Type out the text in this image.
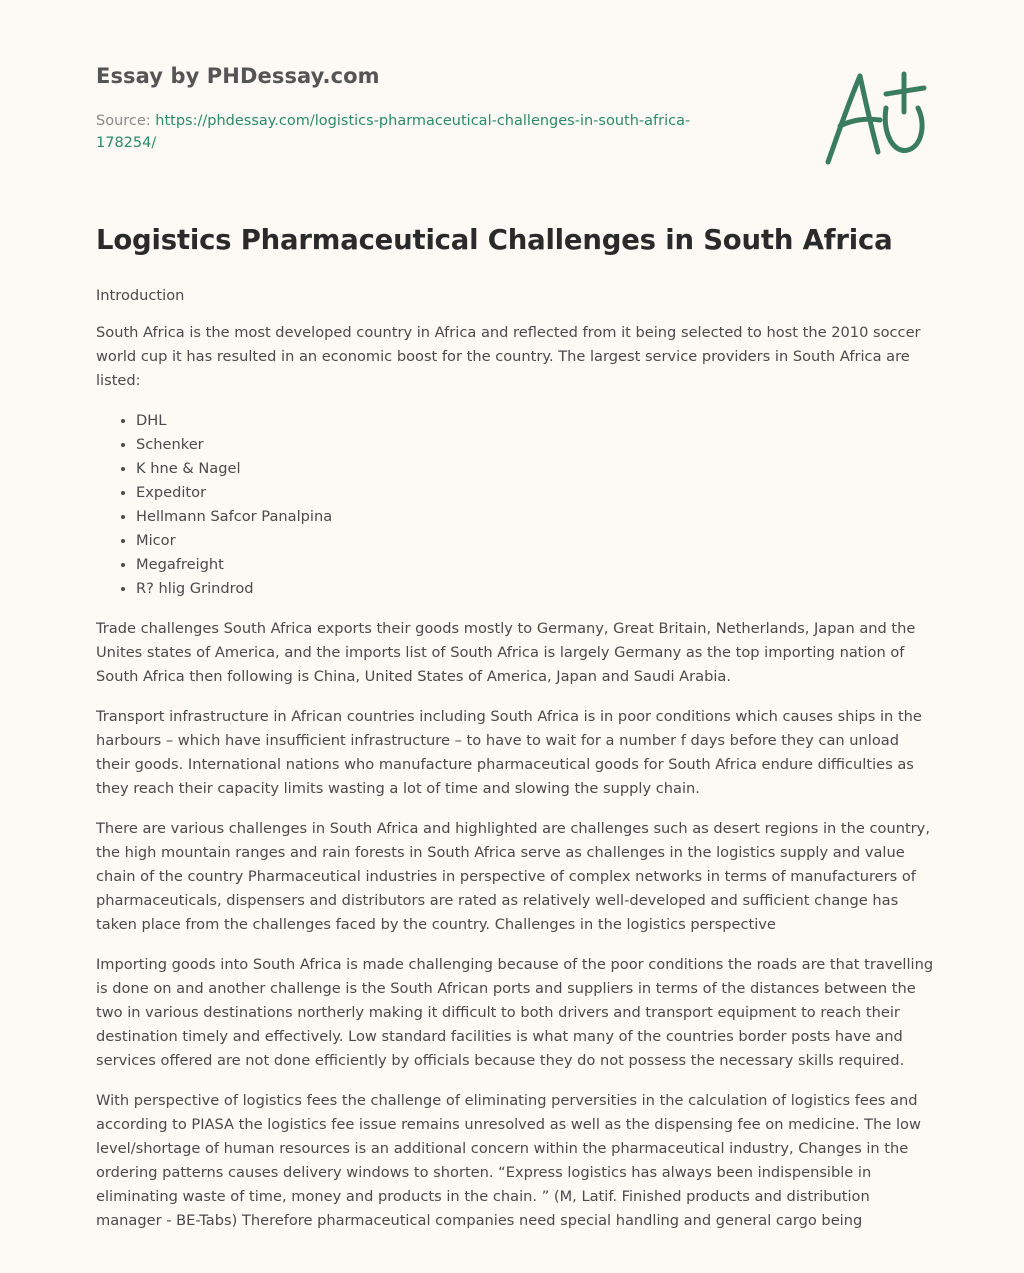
Essay by PHDessay.com

Source: https://phdessay.com/logistics-pharmaceutical-challenges-in-south-africa-178254/

Logistics Pharmaceutical Challenges in South Africa

Introduction

South Africa is the most developed country in Africa and reflected from it being selected to host the 2010 soccer world cup it has resulted in an economic boost for the country. The largest service providers in South Africa are listed:

• DHL
• Schenker
• K hne & Nagel
• Expeditor
• Hellmann Safcor Panalpina
• Micor
• Megafreight
• R? hlig Grindrod

Trade challenges South Africa exports their goods mostly to Germany, Great Britain, Netherlands, Japan and the Unites states of America, and the imports list of South Africa is largely Germany as the top importing nation of South Africa then following is China, United States of America, Japan and Saudi Arabia.

Transport infrastructure in African countries including South Africa is in poor conditions which causes ships in the harbours – which have insufficient infrastructure – to have to wait for a number f days before they can unload their goods. International nations who manufacture pharmaceutical goods for South Africa endure difficulties as they reach their capacity limits wasting a lot of time and slowing the supply chain.

There are various challenges in South Africa and highlighted are challenges such as desert regions in the country, the high mountain ranges and rain forests in South Africa serve as challenges in the logistics supply and value chain of the country Pharmaceutical industries in perspective of complex networks in terms of manufacturers of pharmaceuticals, dispensers and distributors are rated as relatively well-developed and sufficient change has taken place from the challenges faced by the country. Challenges in the logistics perspective

Importing goods into South Africa is made challenging because of the poor conditions the roads are that travelling is done on and another challenge is the South African ports and suppliers in terms of the distances between the two in various destinations northerly making it difficult to both drivers and transport equipment to reach their destination timely and effectively. Low standard facilities is what many of the countries border posts have and services offered are not done efficiently by officials because they do not possess the necessary skills required.

With perspective of logistics fees the challenge of eliminating perversities in the calculation of logistics fees and according to PIASA the logistics fee issue remains unresolved as well as the dispensing fee on medicine. The low level/shortage of human resources is an additional concern within the pharmaceutical industry, Changes in the ordering patterns causes delivery windows to shorten. “Express logistics has always been indispensible in eliminating waste of time, money and products in the chain. ” (M, Latif. Finished products and distribution manager - BE-Tabs) Therefore pharmaceutical companies need special handling and general cargo being
